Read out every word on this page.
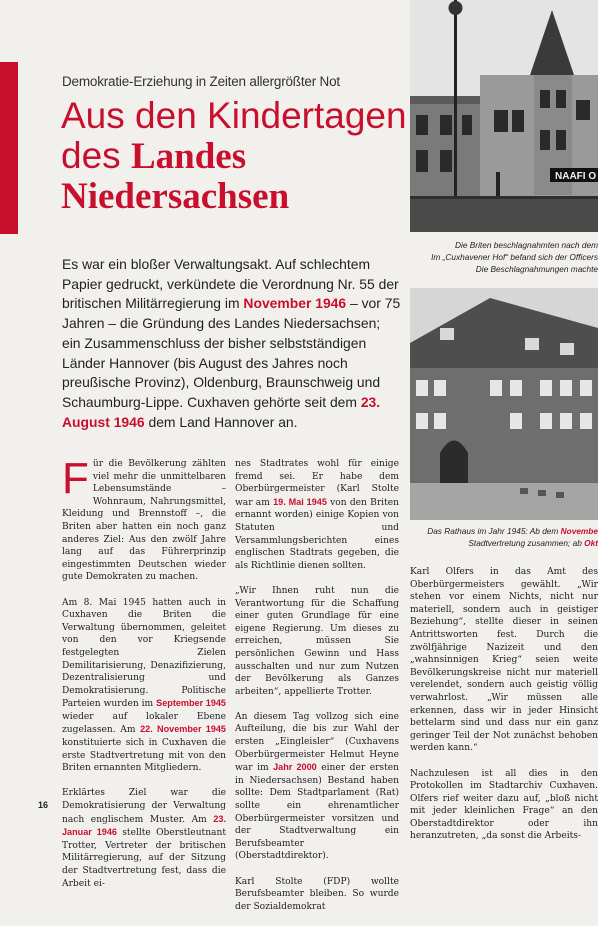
Demokratie-Erziehung in Zeiten allergrößter Not
Aus den Kindertagen
des Landes
Niedersachsen
Es war ein bloßer Verwaltungsakt. Auf schlechtem Papier gedruckt, verkündete die Verordnung Nr. 55 der britischen Militärregierung im November 1946 – vor 75 Jahren – die Gründung des Landes Niedersachsen; ein Zusammenschluss der bisher selbstständigen Länder Hannover (bis August des Jahres noch preußische Provinz), Oldenburg, Braunschweig und Schaumburg-Lippe. Cuxhaven gehörte seit dem 23. August 1946 dem Land Hannover an.
NAAFI O
Die Briten beschlagnahmten nach dem
Im „Cuxhavener Hof“ befand sich der Officers
Die Beschlagnahmungen machte
Das Rathaus im Jahr 1945: Ab dem Novembe
Stadtvertretung zusammen; ab Okt

Für die Bevölkerung zählten viel mehr die unmittelbaren Lebensumstände – Wohnraum, Nahrungsmittel, Kleidung und Brennstoff –, die Briten aber hatten ein noch ganz anderes Ziel: Aus den zwölf Jahre lang auf das Führerprinzip eingestimmten Deutschen wieder gute Demokraten zu machen.

Am 8. Mai 1945 hatten auch in Cuxhaven die Briten die Verwaltung übernommen, geleitet von den vor Kriegsende festgelegten Zielen Demilitarisierung, Denazifizierung, Dezentralisierung und Demokratisierung. Politische Parteien wurden im September 1945 wieder auf lokaler Ebene zugelassen. Am 22. November 1945 konstituierte sich in Cuxhaven die erste Stadtvertretung mit von den Briten ernannten Mitgliedern.

Erklärtes Ziel war die Demokratisierung der Verwaltung nach englischem Muster. Am 23. Januar 1946 stellte Oberstleutnant Trotter, Vertreter der britischen Militärregierung, auf der Sitzung der Stadtvertretung fest, dass die Arbeit ei-

nes Stadtrates wohl für einige fremd sei. Er habe dem Oberbürgermeister (Karl Stolte war am 19. Mai 1945 von den Briten ernannt worden) einige Kopien von Statuten und Versammlungsberichten eines englischen Stadtrats gegeben, die als Richtlinie dienen sollten.

„Wir Ihnen ruht nun die Verantwortung für die Schaffung einer guten Grundlage für eine eigene Regierung. Um dieses zu erreichen, müssen Sie persönlichen Gewinn und Hass ausschalten und nur zum Nutzen der Bevölkerung als Ganzes arbeiten“, appellierte Trotter.

An diesem Tag vollzog sich eine Aufteilung, die bis zur Wahl der ersten „Eingleisler“ (Cuxhavens Oberbürgermeister Helmut Heyne war im Jahr 2000 einer der ersten in Niedersachsen) Bestand haben sollte: Dem Stadtparlament (Rat) sollte ein ehrenamtlicher Oberbürgermeister vorsitzen und der Stadtverwaltung ein Berufsbeamter (Oberstadtdirektor).

Karl Stolte (FDP) wollte Berufsbeamter bleiben. So wurde der Sozialdemokrat

Karl Olfers in das Amt des Oberbürgermeisters gewählt. „Wir stehen vor einem Nichts, nicht nur materiell, sondern auch in geistiger Beziehung“, stellte dieser in seinen Antrittsworten fest. Durch die zwölfjährige Nazizeit und den „wahnsinnigen Krieg“ seien weite Bevölkerungskreise nicht nur materiell verelendet, sondern auch geistig völlig verwahrlost. „Wir müssen alle erkennen, dass wir in jeder Hinsicht bettelarm sind und dass nur ein ganz geringer Teil der Not zunächst behoben werden kann.“

Nachzulesen ist all dies in den Protokollen im Stadtarchiv Cuxhaven. Olfers rief weiter dazu auf, „bloß nicht mit jeder kleinlichen Frage“ an den Oberstadtdirektor oder ihn heranzutreten, „da sonst die Arbeits-

16
